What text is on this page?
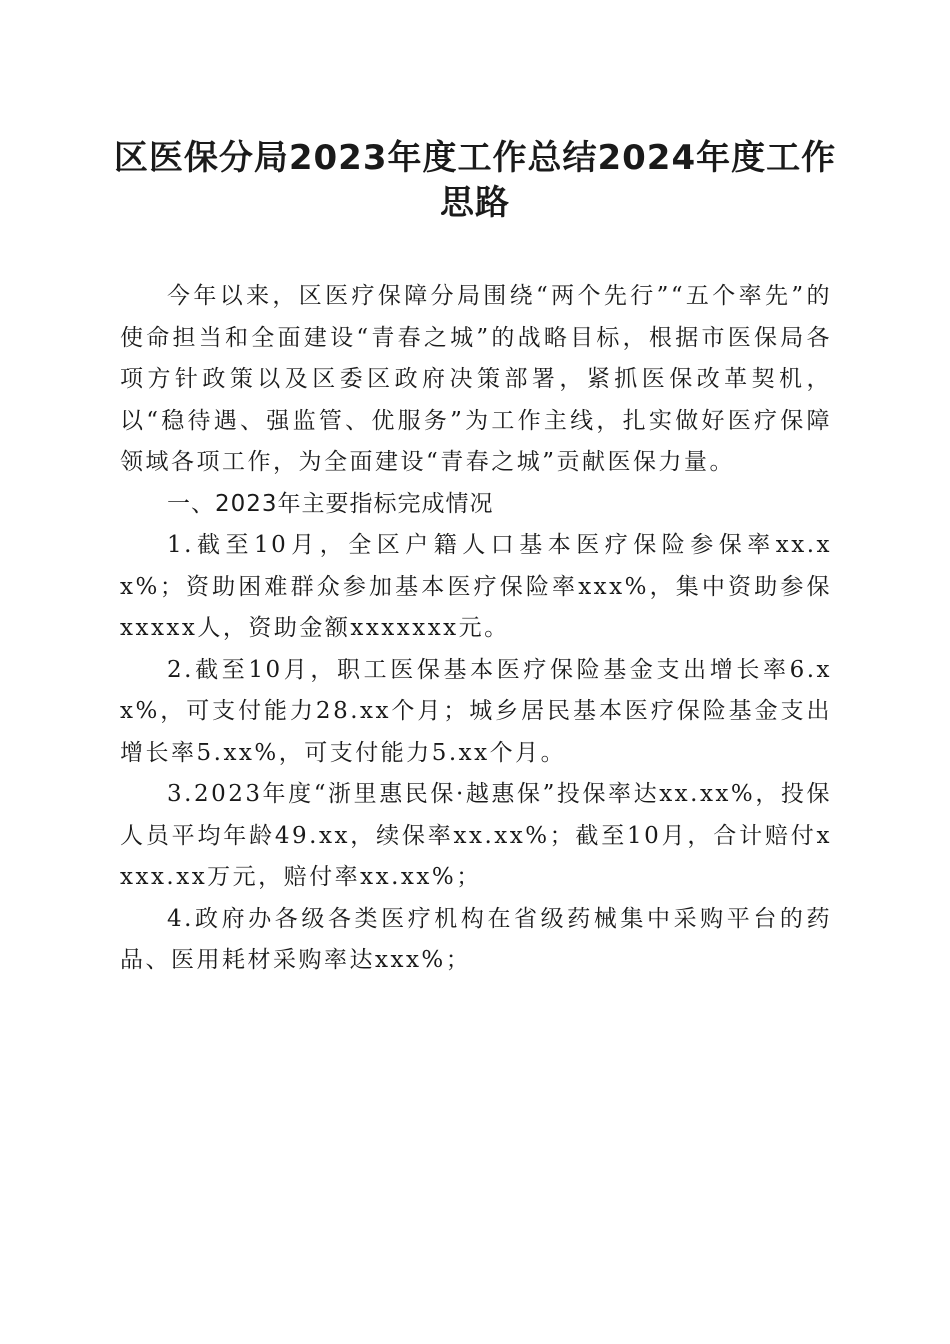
区医保分局2023年度工作总结2024年度工作思路

今年以来，区医疗保障分局围绕“两个先行”“五个率先”的使命担当和全面建设“青春之城”的战略目标，根据市医保局各项方针政策以及区委区政府决策部署，紧抓医保改革契机，以“稳待遇、强监管、优服务”为工作主线，扎实做好医疗保障领域各项工作，为全面建设“青春之城”贡献医保力量。

一、2023年主要指标完成情况

1.截至10月，全区户籍人口基本医疗保险参保率xx.xx%；资助困难群众参加基本医疗保险率xxx%，集中资助参保xxxxx人，资助金额xxxxxxx元。

2.截至10月，职工医保基本医疗保险基金支出增长率6.xx%，可支付能力28.xx个月；城乡居民基本医疗保险基金支出增长率5.xx%，可支付能力5.xx个月。

3.2023年度“浙里惠民保·越惠保”投保率达xx.xx%，投保人员平均年龄49.xx，续保率xx.xx%；截至10月，合计赔付xxxx.xx万元，赔付率xx.xx%；

4.政府办各级各类医疗机构在省级药械集中采购平台的药品、医用耗材采购率达xxx%；
